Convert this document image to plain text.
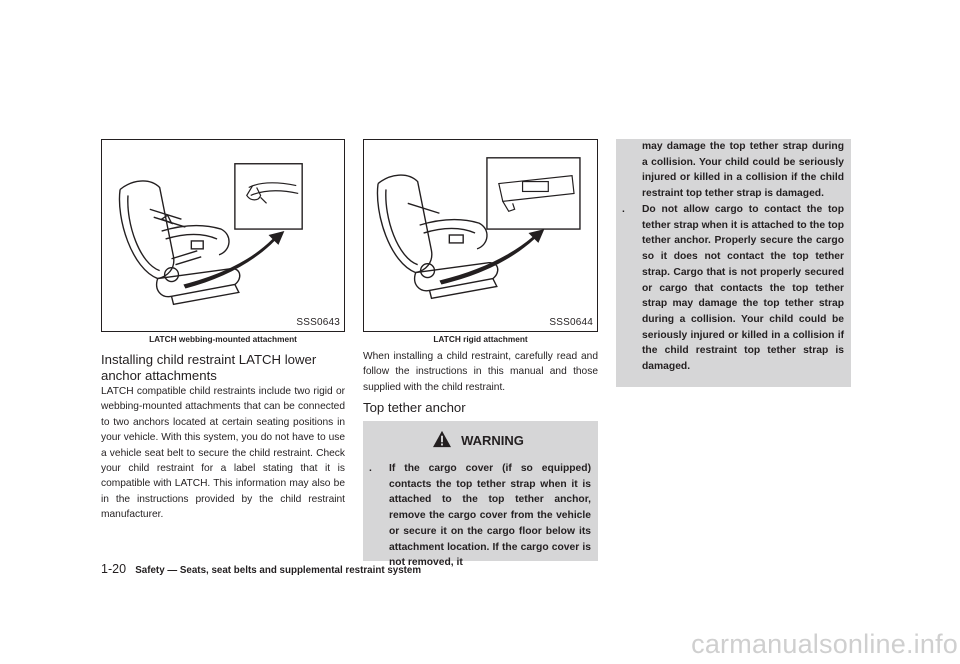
SSS0643
LATCH webbing-mounted attachment
SSS0644
LATCH rigid attachment
Installing child restraint LATCH lower anchor attachments

LATCH compatible child restraints include two rigid or webbing-mounted attachments that can be connected to two anchors located at certain seating positions in your vehicle. With this system, you do not have to use a vehicle seat belt to secure the child restraint. Check your child restraint for a label stating that it is compatible with LATCH. This information may also be in the instructions provided by the child restraint manufacturer.

When installing a child restraint, carefully read and follow the instructions in this manual and those supplied with the child restraint.

Top tether anchor
WARNING
. If the cargo cover (if so equipped) contacts the top tether strap when it is attached to the top tether anchor, remove the cargo cover from the vehicle or secure it on the cargo floor below its attachment location. If the cargo cover is not removed, it

may damage the top tether strap during a collision. Your child could be seriously injured or killed in a collision if the child restraint top tether strap is damaged.

. Do not allow cargo to contact the top tether strap when it is attached to the top tether anchor. Properly secure the cargo so it does not contact the top tether strap. Cargo that is not properly secured or cargo that contacts the top tether strap may damage the top tether strap during a collision. Your child could be seriously injured or killed in a collision if the child restraint top tether strap is damaged.
1-20 Safety — Seats, seat belts and supplemental restraint system
carmanualsonline.info
